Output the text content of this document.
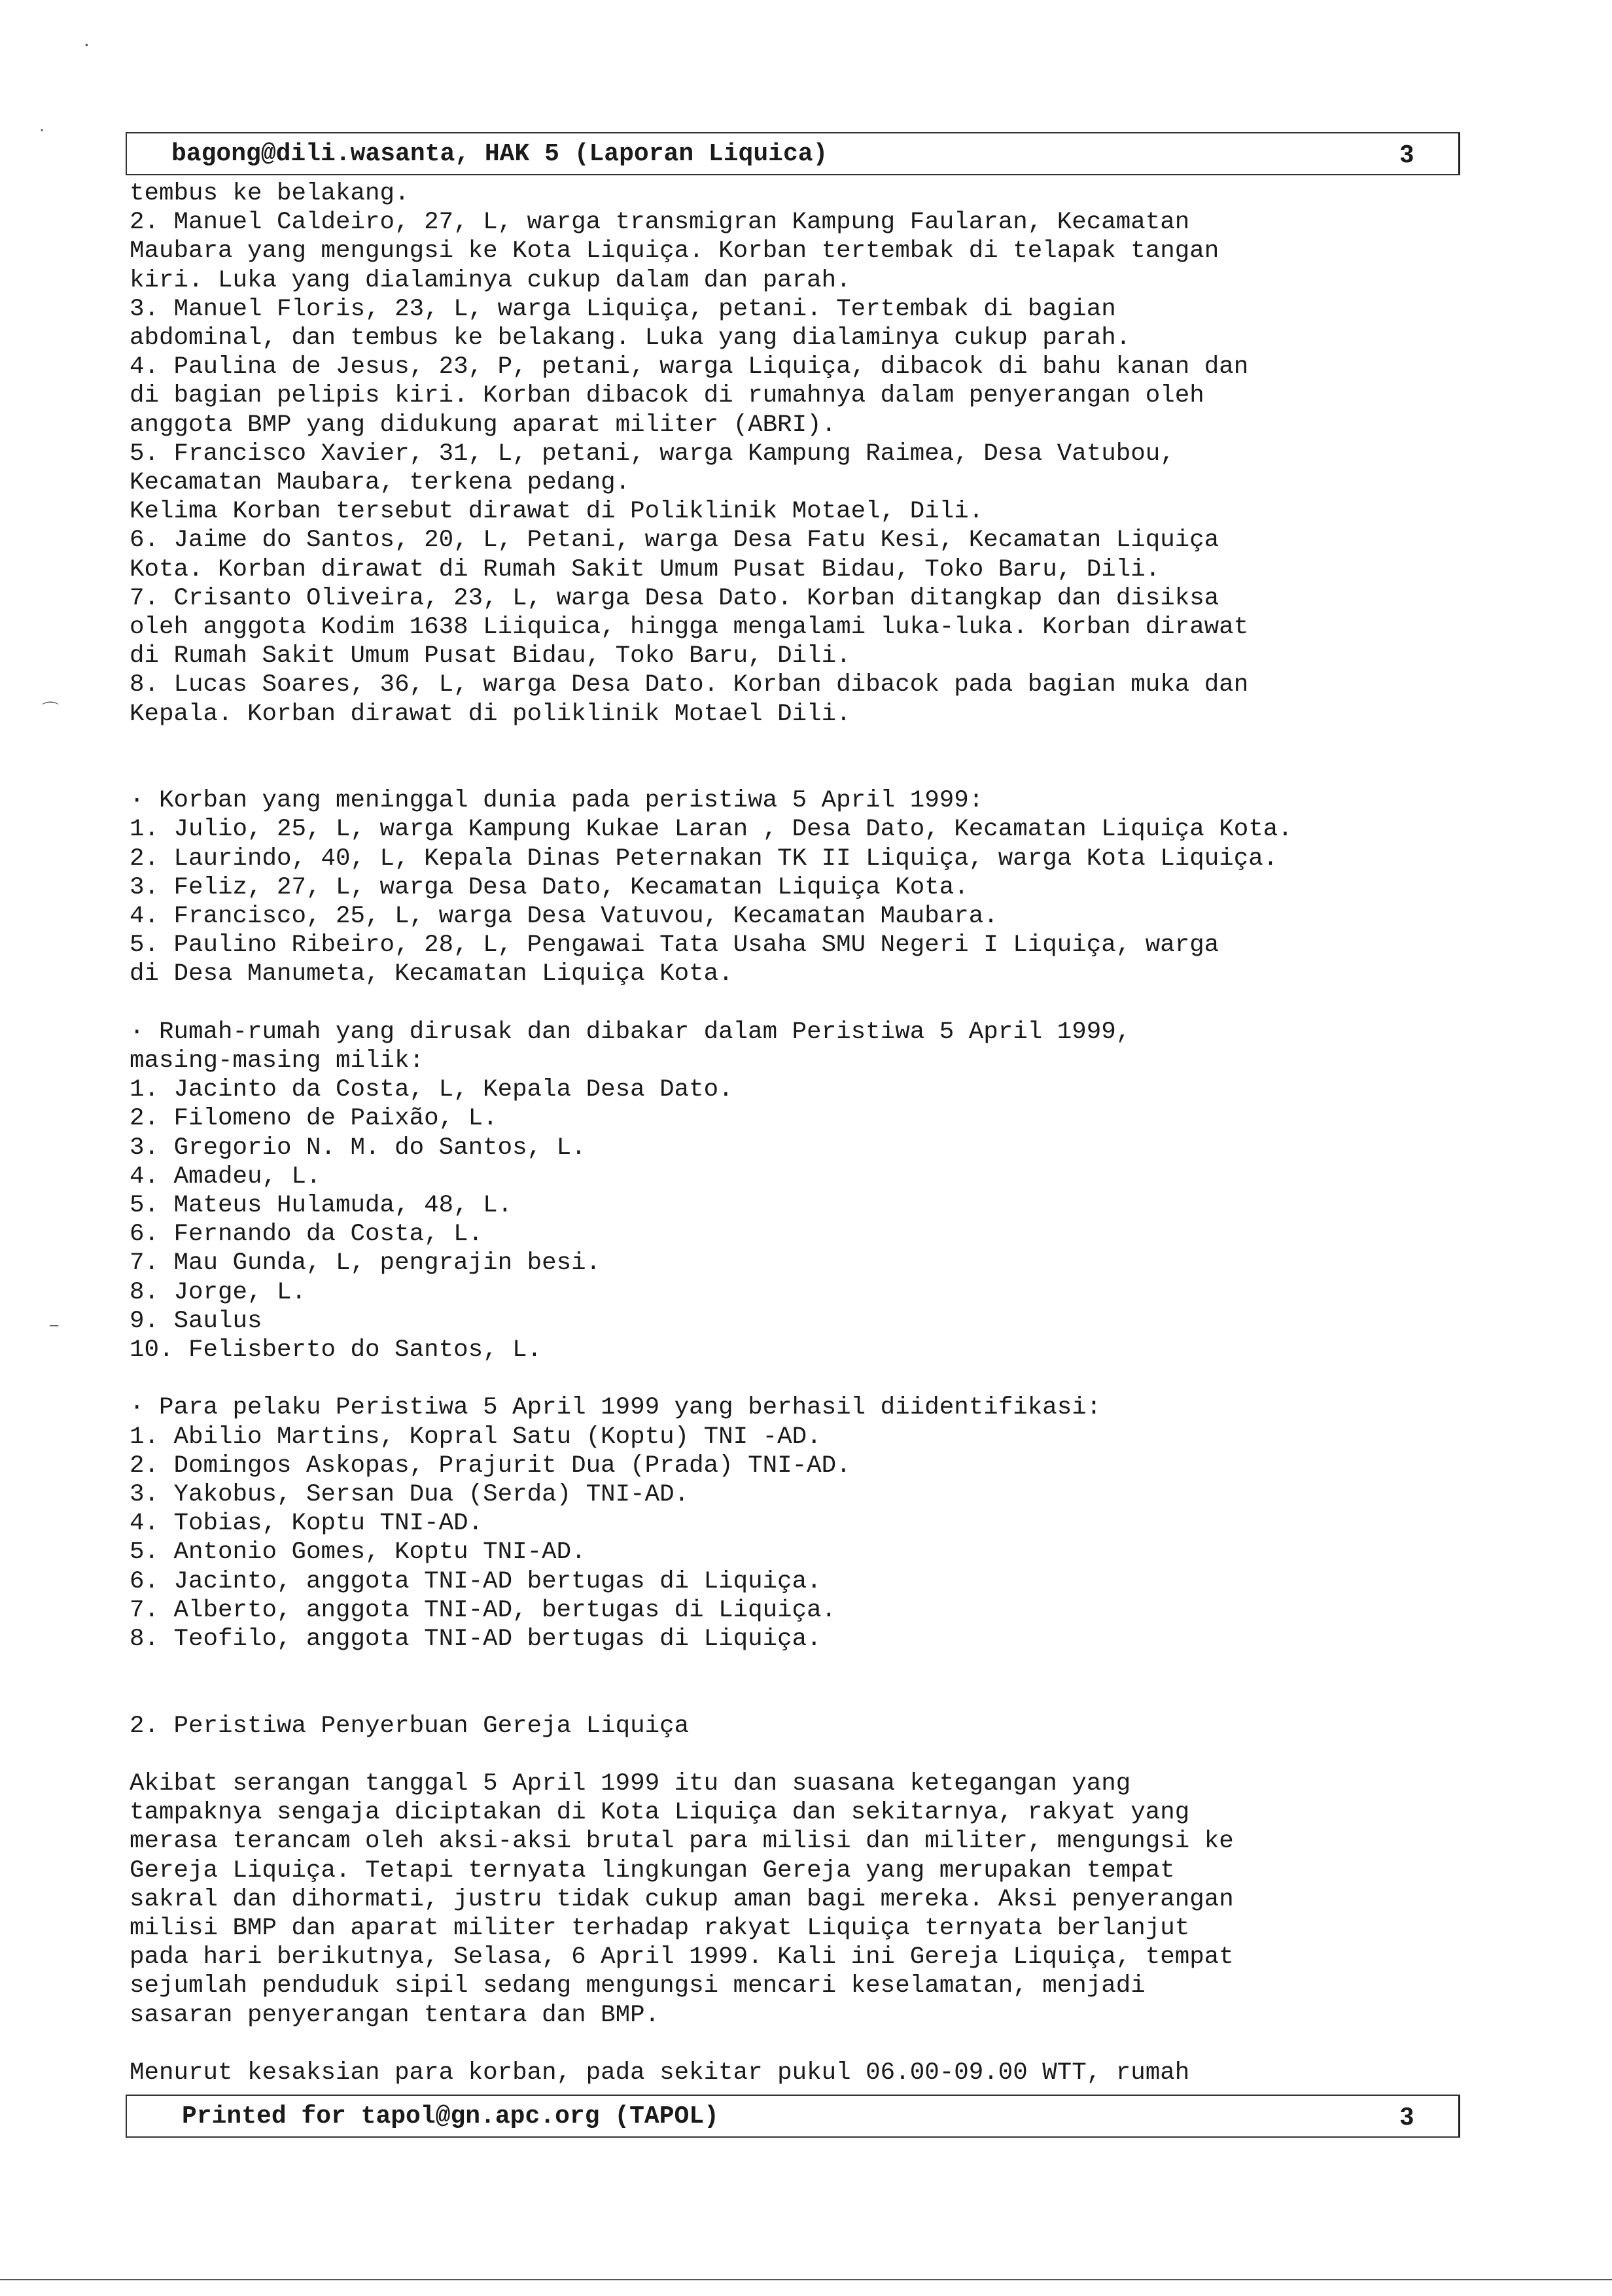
bagong@dili.wasanta, HAK 5 (Laporan Liquica)	3
tembus ke belakang.
2. Manuel Caldeiro, 27, L, warga transmigran Kampung Faularan, Kecamatan
Maubara yang mengungsi ke Kota Liquiça. Korban tertembak di telapak tangan
kiri. Luka yang dialaminya cukup dalam dan parah.
3. Manuel Floris, 23, L, warga Liquiça, petani. Tertembak di bagian
abdominal, dan tembus ke belakang. Luka yang dialaminya cukup parah.
4. Paulina de Jesus, 23, P, petani, warga Liquiça, dibacok di bahu kanan dan
di bagian pelipis kiri. Korban dibacok di rumahnya dalam penyerangan oleh
anggota BMP yang didukung aparat militer (ABRI).
5. Francisco Xavier, 31, L, petani, warga Kampung Raimea, Desa Vatubou,
Kecamatan Maubara, terkena pedang.
Kelima Korban tersebut dirawat di Poliklinik Motael, Dili.
6. Jaime do Santos, 20, L, Petani, warga Desa Fatu Kesi, Kecamatan Liquiça
Kota. Korban dirawat di Rumah Sakit Umum Pusat Bidau, Toko Baru, Dili.
7. Crisanto Oliveira, 23, L, warga Desa Dato. Korban ditangkap dan disiksa
oleh anggota Kodim 1638 Liiquica, hingga mengalami luka-luka. Korban dirawat
di Rumah Sakit Umum Pusat Bidau, Toko Baru, Dili.
8. Lucas Soares, 36, L, warga Desa Dato. Korban dibacok pada bagian muka dan
Kepala. Korban dirawat di poliklinik Motael Dili.
· Korban yang meninggal dunia pada peristiwa 5 April 1999:
1. Julio, 25, L, warga Kampung Kukae Laran , Desa Dato, Kecamatan Liquiça Kota.
2. Laurindo, 40, L, Kepala Dinas Peternakan TK II Liquiça, warga Kota Liquiça.
3. Feliz, 27, L, warga Desa Dato, Kecamatan Liquiça Kota.
4. Francisco, 25, L, warga Desa Vatuvou, Kecamatan Maubara.
5. Paulino Ribeiro, 28, L, Pengawai Tata Usaha SMU Negeri I Liquiça, warga
di Desa Manumeta, Kecamatan Liquiça Kota.
· Rumah-rumah yang dirusak dan dibakar dalam Peristiwa 5 April 1999,
masing-masing milik:
1. Jacinto da Costa, L, Kepala Desa Dato.
2. Filomeno de Paixão, L.
3. Gregorio N. M. do Santos, L.
4. Amadeu, L.
5. Mateus Hulamuda, 48, L.
6. Fernando da Costa, L.
7. Mau Gunda, L, pengrajin besi.
8. Jorge, L.
9. Saulus
10. Felisberto do Santos, L.
· Para pelaku Peristiwa 5 April 1999 yang berhasil diidentifikasi:
1. Abilio Martins, Kopral Satu (Koptu) TNI -AD.
2. Domingos Askopas, Prajurit Dua (Prada) TNI-AD.
3. Yakobus, Sersan Dua (Serda) TNI-AD.
4. Tobias, Koptu TNI-AD.
5. Antonio Gomes, Koptu TNI-AD.
6. Jacinto, anggota TNI-AD bertugas di Liquiça.
7. Alberto, anggota TNI-AD, bertugas di Liquiça.
8. Teofilo, anggota TNI-AD bertugas di Liquiça.
2. Peristiwa Penyerbuan Gereja Liquiça
Akibat serangan tanggal 5 April 1999 itu dan suasana ketegangan yang
tampaknya sengaja diciptakan di Kota Liquiça dan sekitarnya, rakyat yang
merasa terancam oleh aksi-aksi brutal para milisi dan militer, mengungsi ke
Gereja Liquiça. Tetapi ternyata lingkungan Gereja yang merupakan tempat
sakral dan dihormati, justru tidak cukup aman bagi mereka. Aksi penyerangan
milisi BMP dan aparat militer terhadap rakyat Liquiça ternyata berlanjut
pada hari berikutnya, Selasa, 6 April 1999. Kali ini Gereja Liquiça, tempat
sejumlah penduduk sipil sedang mengungsi mencari keselamatan, menjadi
sasaran penyerangan tentara dan BMP.
Menurut kesaksian para korban, pada sekitar pukul 06.00-09.00 WTT, rumah
Printed for tapol@gn.apc.org (TAPOL)	3
•
•
⌒
–
